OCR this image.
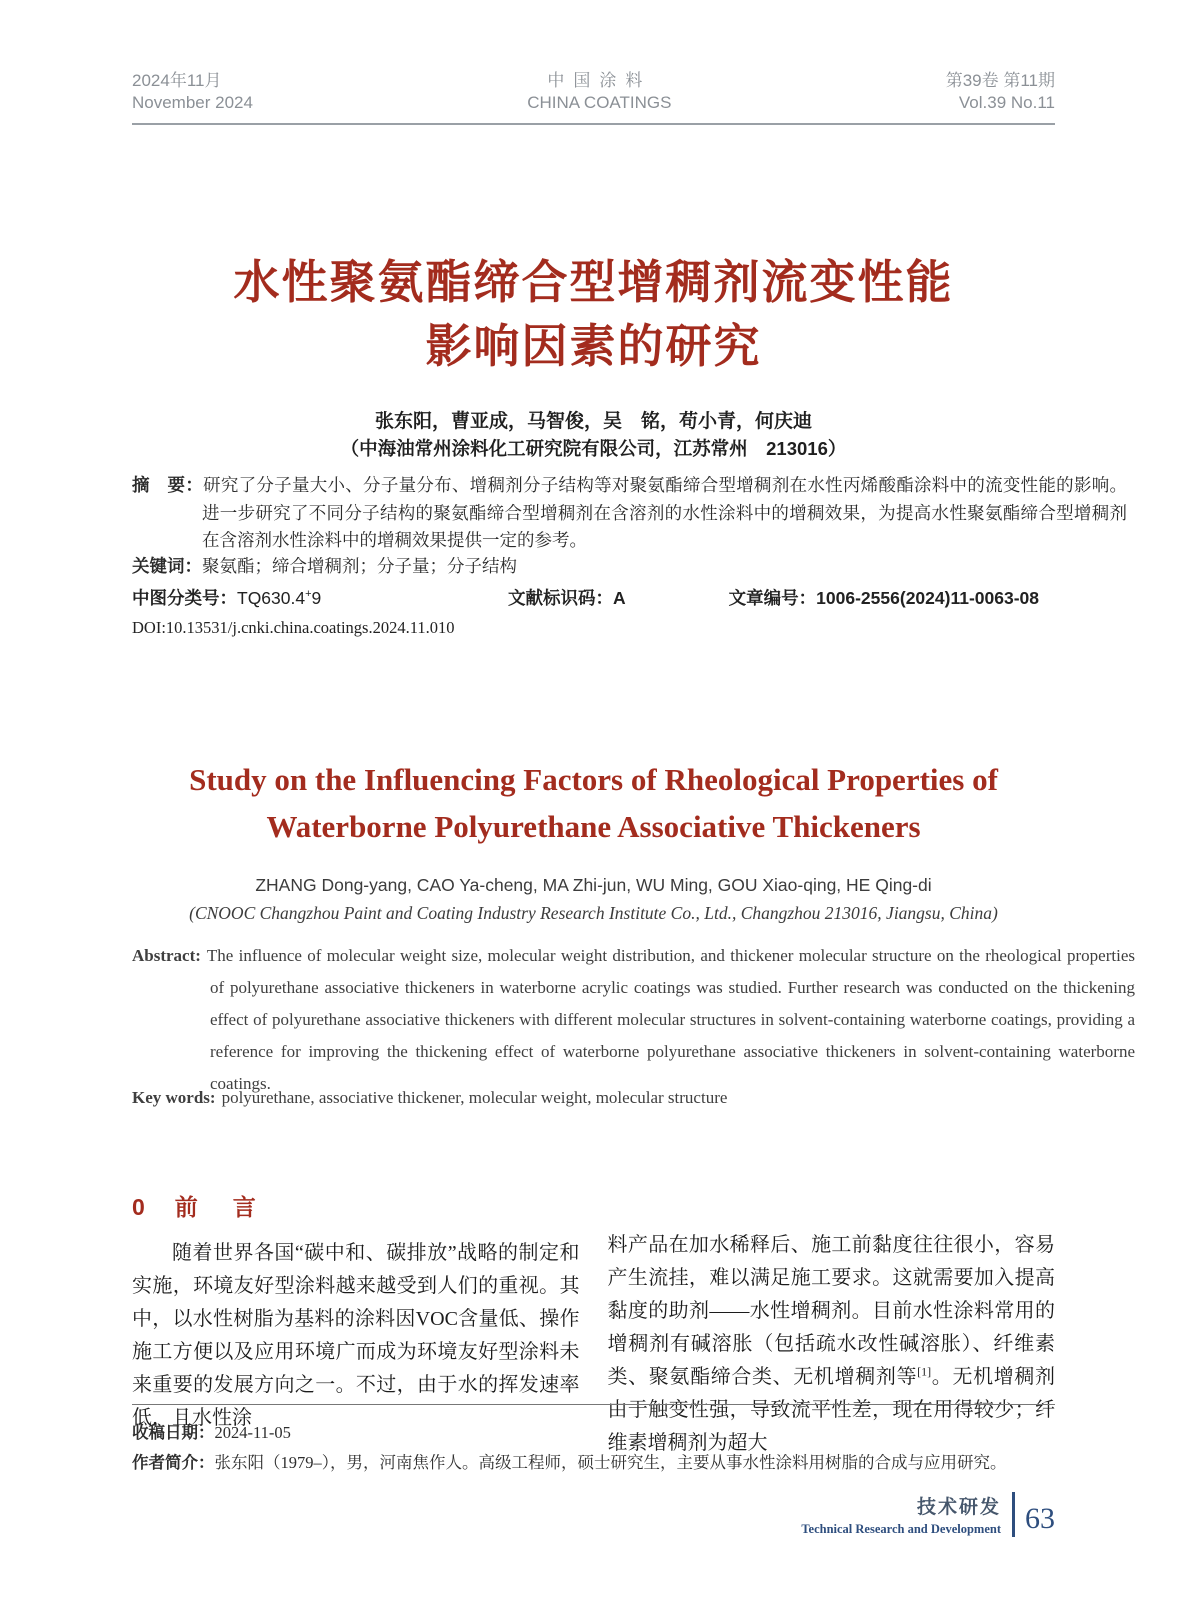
2024年11月
November 2024
中国涂料
CHINA COATINGS
第39卷 第11期
Vol.39 No.11
水性聚氨酯缔合型增稠剂流变性能
影响因素的研究
张东阳，曹亚成，马智俊，吴　铭，苟小青，何庆迪
（中海油常州涂料化工研究院有限公司，江苏常州　213016）
摘　要：研究了分子量大小、分子量分布、增稠剂分子结构等对聚氨酯缔合型增稠剂在水性丙烯酸酯涂料中的流变性能的影响。进一步研究了不同分子结构的聚氨酯缔合型增稠剂在含溶剂的水性涂料中的增稠效果，为提高水性聚氨酯缔合型增稠剂在含溶剂水性涂料中的增稠效果提供一定的参考。
关键词：聚氨酯；缔合增稠剂；分子量；分子结构
中图分类号：TQ630.4+9	文献标识码：A	文章编号：1006-2556(2024)11-0063-08
DOI:10.13531/j.cnki.china.coatings.2024.11.010
Study on the Influencing Factors of Rheological Properties of
Waterborne Polyurethane Associative Thickeners
ZHANG Dong-yang, CAO Ya-cheng, MA Zhi-jun, WU Ming, GOU Xiao-qing, HE Qing-di
(CNOOC Changzhou Paint and Coating Industry Research Institute Co., Ltd., Changzhou 213016, Jiangsu, China)
Abstract: The influence of molecular weight size, molecular weight distribution, and thickener molecular structure on the rheological properties of polyurethane associative thickeners in waterborne acrylic coatings was studied. Further research was conducted on the thickening effect of polyurethane associative thickeners with different molecular structures in solvent-containing waterborne coatings, providing a reference for improving the thickening effect of waterborne polyurethane associative thickeners in solvent-containing waterborne coatings.
Key words: polyurethane, associative thickener, molecular weight, molecular structure
0 前　言

随着世界各国“碳中和、碳排放”战略的制定和实施，环境友好型涂料越来越受到人们的重视。其中，以水性树脂为基料的涂料因VOC含量低、操作施工方便以及应用环境广而成为环境友好型涂料未来重要的发展方向之一。不过，由于水的挥发速率低，且水性涂

料产品在加水稀释后、施工前黏度往往很小，容易产生流挂，难以满足施工要求。这就需要加入提高黏度的助剂——水性增稠剂。目前水性涂料常用的增稠剂有碱溶胀（包括疏水改性碱溶胀）、纤维素类、聚氨酯缔合类、无机增稠剂等[1]。无机增稠剂由于触变性强，导致流平性差，现在用得较少；纤维素增稠剂为超大

收稿日期：2024-11-05
作者简介：张东阳（1979–），男，河南焦作人。高级工程师，硕士研究生，主要从事水性涂料用树脂的合成与应用研究。
技术研发
Technical Research and Development 63
